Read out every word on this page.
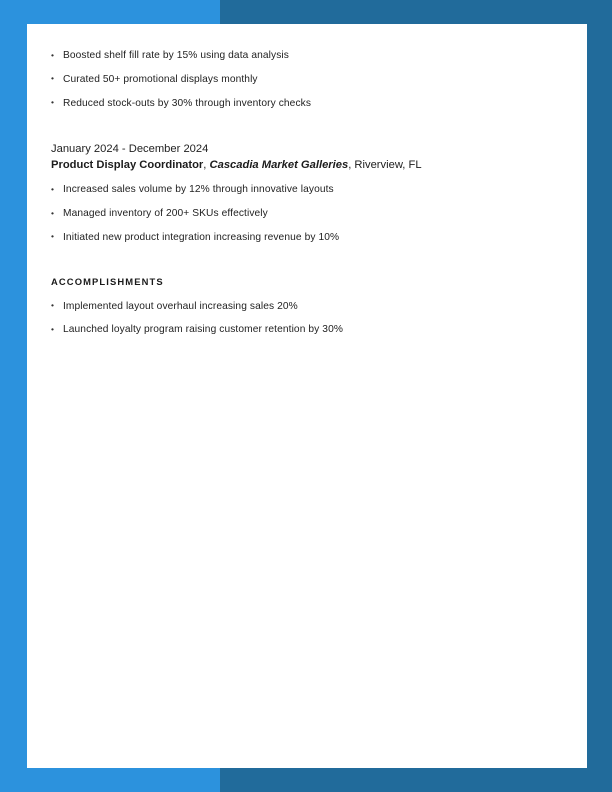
• Boosted shelf fill rate by 15% using data analysis
• Curated 50+ promotional displays monthly
• Reduced stock-outs by 30% through inventory checks
January 2024 - December 2024
Product Display Coordinator, Cascadia Market Galleries, Riverview, FL
• Increased sales volume by 12% through innovative layouts
• Managed inventory of 200+ SKUs effectively
• Initiated new product integration increasing revenue by 10%
ACCOMPLISHMENTS
• Implemented layout overhaul increasing sales 20%
• Launched loyalty program raising customer retention by 30%
